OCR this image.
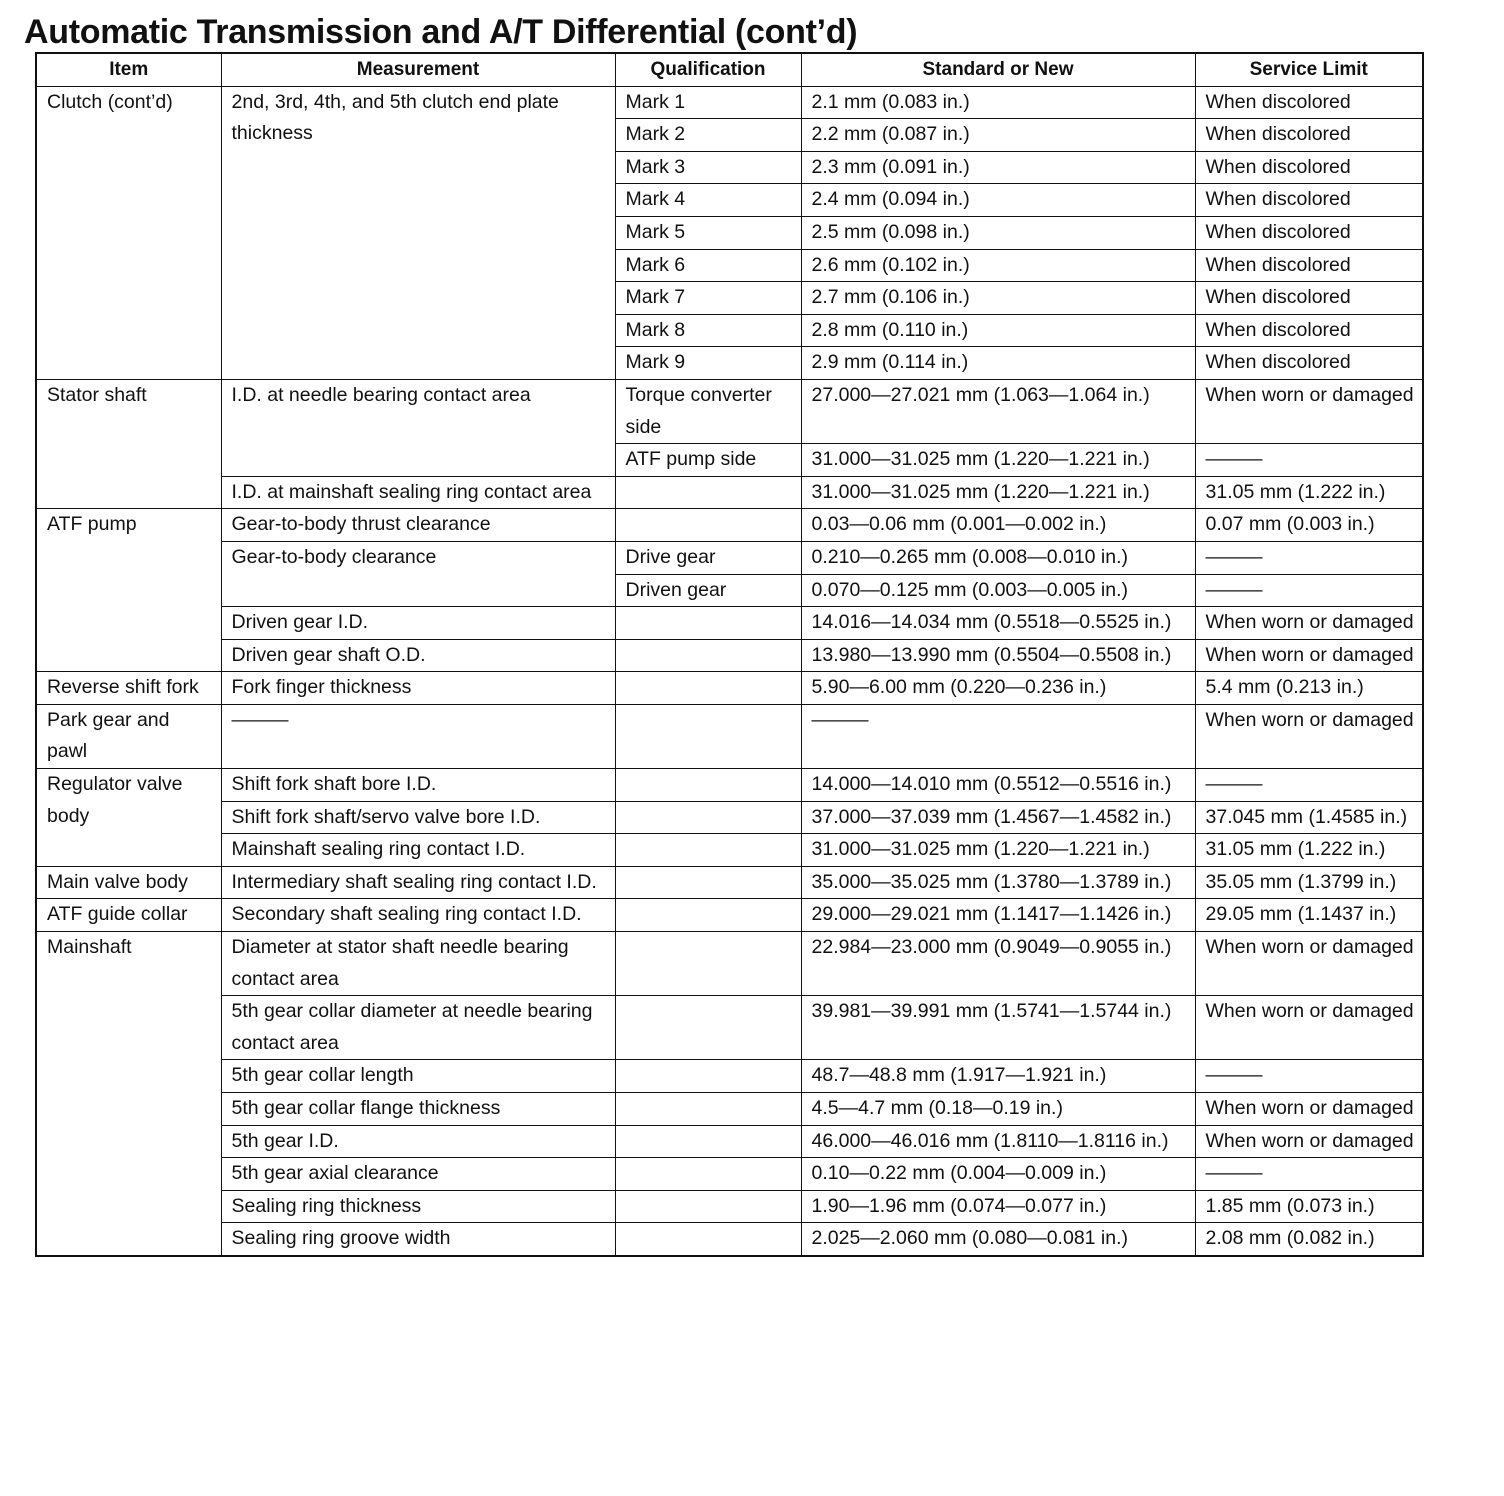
Automatic Transmission and A/T Differential (cont’d)
Item	Measurement	Qualification	Standard or New	Service Limit
Clutch (cont’d)	2nd, 3rd, 4th, and 5th clutch end plate thickness	Mark 1	2.1 mm (0.083 in.)	When discolored
		Mark 2	2.2 mm (0.087 in.)	When discolored
		Mark 3	2.3 mm (0.091 in.)	When discolored
		Mark 4	2.4 mm (0.094 in.)	When discolored
		Mark 5	2.5 mm (0.098 in.)	When discolored
		Mark 6	2.6 mm (0.102 in.)	When discolored
		Mark 7	2.7 mm (0.106 in.)	When discolored
		Mark 8	2.8 mm (0.110 in.)	When discolored
		Mark 9	2.9 mm (0.114 in.)	When discolored
Stator shaft	I.D. at needle bearing contact area	Torque converter side	27.000—27.021 mm (1.063—1.064 in.)	When worn or damaged
		ATF pump side	31.000—31.025 mm (1.220—1.221 in.)	———
	I.D. at mainshaft sealing ring contact area		31.000—31.025 mm (1.220—1.221 in.)	31.05 mm (1.222 in.)
ATF pump	Gear-to-body thrust clearance		0.03—0.06 mm (0.001—0.002 in.)	0.07 mm (0.003 in.)
	Gear-to-body clearance	Drive gear	0.210—0.265 mm (0.008—0.010 in.)	———
		Driven gear	0.070—0.125 mm (0.003—0.005 in.)	———
	Driven gear I.D.		14.016—14.034 mm (0.5518—0.5525 in.)	When worn or damaged
	Driven gear shaft O.D.		13.980—13.990 mm (0.5504—0.5508 in.)	When worn or damaged
Reverse shift fork	Fork finger thickness		5.90—6.00 mm (0.220—0.236 in.)	5.4 mm (0.213 in.)
Park gear and pawl	———		———	When worn or damaged
Regulator valve body	Shift fork shaft bore I.D.		14.000—14.010 mm (0.5512—0.5516 in.)	———
	Shift fork shaft/servo valve bore I.D.		37.000—37.039 mm (1.4567—1.4582 in.)	37.045 mm (1.4585 in.)
	Mainshaft sealing ring contact I.D.		31.000—31.025 mm (1.220—1.221 in.)	31.05 mm (1.222 in.)
Main valve body	Intermediary shaft sealing ring contact I.D.		35.000—35.025 mm (1.3780—1.3789 in.)	35.05 mm (1.3799 in.)
ATF guide collar	Secondary shaft sealing ring contact I.D.		29.000—29.021 mm (1.1417—1.1426 in.)	29.05 mm (1.1437 in.)
Mainshaft	Diameter at stator shaft needle bearing contact area		22.984—23.000 mm (0.9049—0.9055 in.)	When worn or damaged
	5th gear collar diameter at needle bearing contact area		39.981—39.991 mm (1.5741—1.5744 in.)	When worn or damaged
	5th gear collar length		48.7—48.8 mm (1.917—1.921 in.)	———
	5th gear collar flange thickness		4.5—4.7 mm (0.18—0.19 in.)	When worn or damaged
	5th gear I.D.		46.000—46.016 mm (1.8110—1.8116 in.)	When worn or damaged
	5th gear axial clearance		0.10—0.22 mm (0.004—0.009 in.)	———
	Sealing ring thickness		1.90—1.96 mm (0.074—0.077 in.)	1.85 mm (0.073 in.)
	Sealing ring groove width		2.025—2.060 mm (0.080—0.081 in.)	2.08 mm (0.082 in.)
